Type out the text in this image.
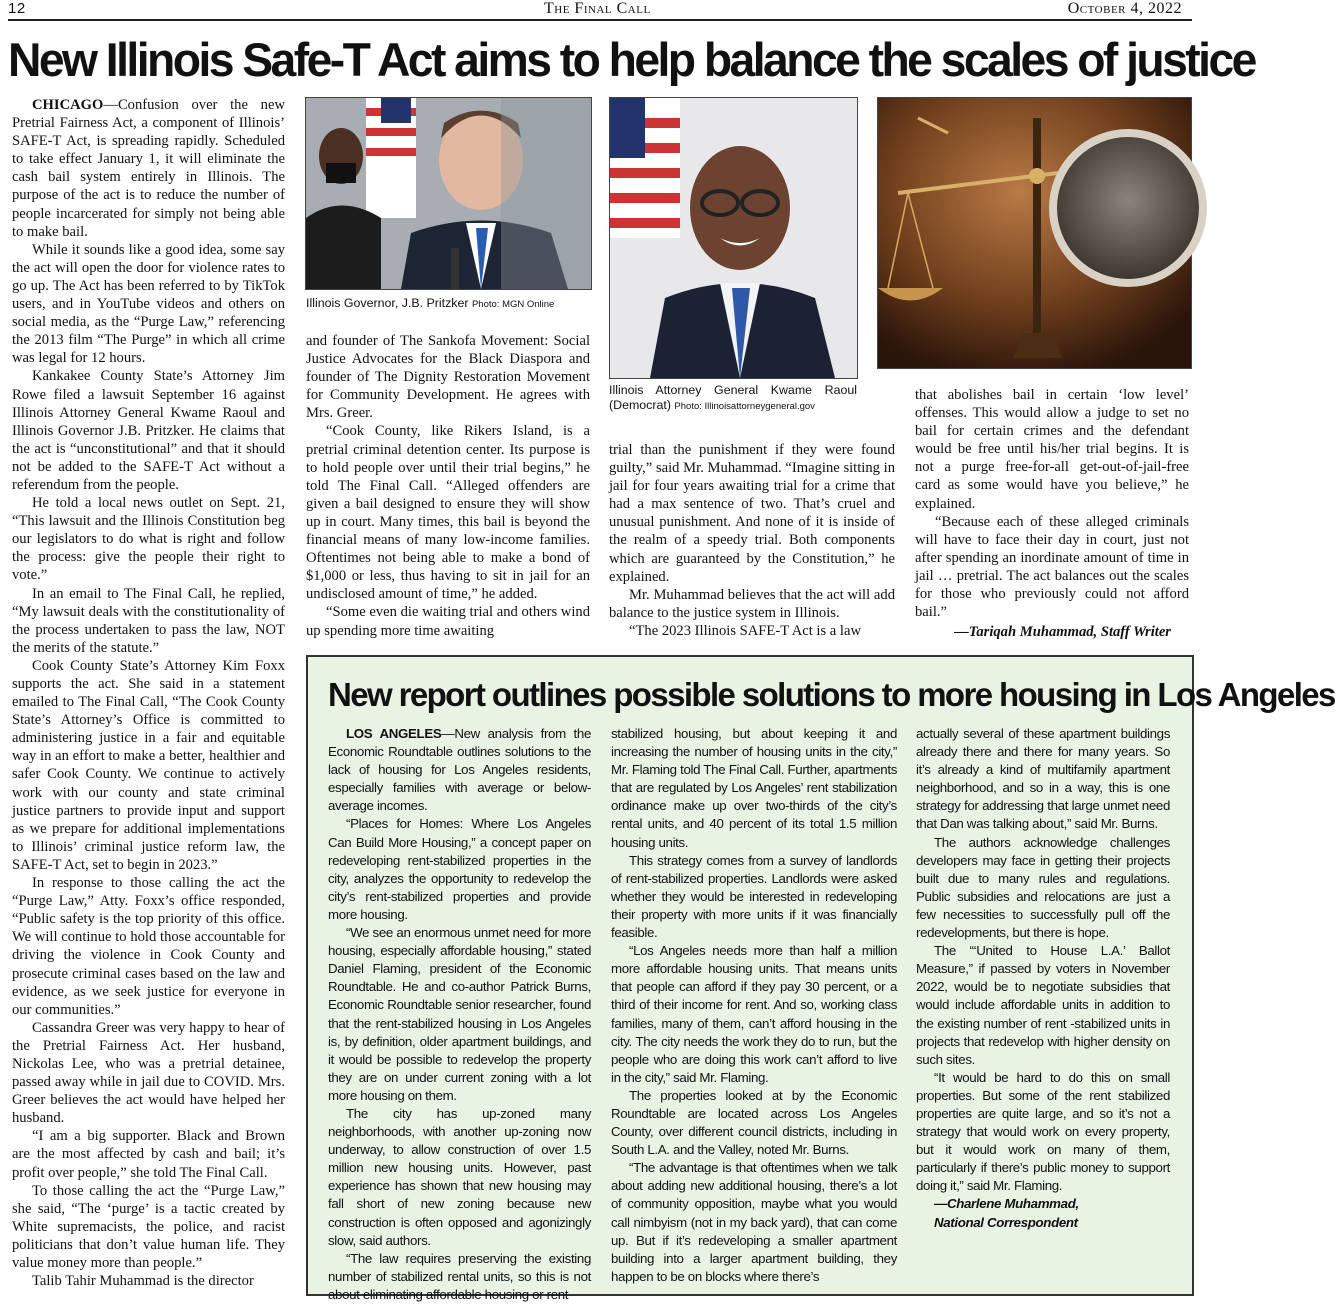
12	The Final Call	October 4, 2022
New Illinois Safe-T Act aims to help balance the scales of justice

CHICAGO—Confusion over the new Pretrial Fairness Act, a component of Illinois’ SAFE-T Act, is spreading rapidly. Scheduled to take effect January 1, it will eliminate the cash bail system entirely in Illinois. The purpose of the act is to reduce the number of people incarcerated for simply not being able to make bail.

While it sounds like a good idea, some say the act will open the door for violence rates to go up. The Act has been referred to by TikTok users, and in YouTube videos and others on social media, as the “Purge Law,” referencing the 2013 film “The Purge” in which all crime was legal for 12 hours.

Kankakee County State’s Attorney Jim Rowe filed a lawsuit September 16 against Illinois Attorney General Kwame Raoul and Illinois Governor J.B. Pritzker. He claims that the act is “unconstitutional” and that it should not be added to the SAFE-T Act without a referendum from the people.

He told a local news outlet on Sept. 21, “This lawsuit and the Illinois Constitution beg our legislators to do what is right and follow the process: give the people their right to vote.”

In an email to The Final Call, he replied, “My lawsuit deals with the constitutionality of the process undertaken to pass the law, NOT the merits of the statute.”

Cook County State’s Attorney Kim Foxx supports the act. She said in a statement emailed to The Final Call, “The Cook County State’s Attorney’s Office is committed to administering justice in a fair and equitable way in an effort to make a better, healthier and safer Cook County. We continue to actively work with our county and state criminal justice partners to provide input and support as we prepare for additional implementations to Illinois’ criminal justice reform law, the SAFE-T Act, set to begin in 2023.”

In response to those calling the act the “Purge Law,” Atty. Foxx’s office responded, “Public safety is the top priority of this office. We will continue to hold those accountable for driving the violence in Cook County and prosecute criminal cases based on the law and evidence, as we seek justice for everyone in our communities.”

Cassandra Greer was very happy to hear of the Pretrial Fairness Act. Her husband, Nickolas Lee, who was a pretrial detainee, passed away while in jail due to COVID. Mrs. Greer believes the act would have helped her husband.

“I am a big supporter. Black and Brown are the most affected by cash and bail; it’s profit over people,” she told The Final Call.

To those calling the act the “Purge Law,” she said, “The ‘purge’ is a tactic created by White supremacists, the police, and racist politicians that don’t value human life. They value money more than people.”

Talib Tahir Muhammad is the director

Illinois Governor, J.B. Pritzker Photo: MGN Online

and founder of The Sankofa Movement: Social Justice Advocates for the Black Diaspora and founder of The Dignity Restoration Movement for Community Development. He agrees with Mrs. Greer.

“Cook County, like Rikers Island, is a pretrial criminal detention center. Its purpose is to hold people over until their trial begins,” he told The Final Call. “Alleged offenders are given a bail designed to ensure they will show up in court. Many times, this bail is beyond the financial means of many low-income families. Oftentimes not being able to make a bond of $1,000 or less, thus having to sit in jail for an undisclosed amount of time,” he added.

“Some even die waiting trial and others wind up spending more time awaiting

Illinois Attorney General Kwame Raoul (Democrat) Photo: Illinoisattorneygeneral.gov

trial than the punishment if they were found guilty,” said Mr. Muhammad. “Imagine sitting in jail for four years awaiting trial for a crime that had a max sentence of two. That’s cruel and unusual punishment. And none of it is inside of the realm of a speedy trial. Both components which are guaranteed by the Constitution,” he explained.

Mr. Muhammad believes that the act will add balance to the justice system in Illinois.

“The 2023 Illinois SAFE-T Act is a law

that abolishes bail in certain ‘low level’ offenses. This would allow a judge to set no bail for certain crimes and the defendant would be free until his/her trial begins. It is not a purge free-for-all get-out-of-jail-free card as some would have you believe,” he explained.

“Because each of these alleged criminals will have to face their day in court, just not after spending an inordinate amount of time in jail … pretrial. The act balances out the scales for those who previously could not afford bail.”

—Tariqah Muhammad, Staff Writer
New report outlines possible solutions to more housing in Los Angeles

LOS ANGELES—New analysis from the Economic Roundtable outlines solutions to the lack of housing for Los Angeles residents, especially families with average or below-average incomes.

“Places for Homes: Where Los Angeles Can Build More Housing,” a concept paper on redeveloping rent-stabilized properties in the city, analyzes the opportunity to redevelop the city’s rent-stabilized properties and provide more housing.

“We see an enormous unmet need for more housing, especially affordable housing,” stated Daniel Flaming, president of the Economic Roundtable. He and co-author Patrick Burns, Economic Roundtable senior researcher, found that the rent-stabilized housing in Los Angeles is, by definition, older apartment buildings, and it would be possible to redevelop the property they are on under current zoning with a lot more housing on them.

The city has up-zoned many neighborhoods, with another up-zoning now underway, to allow construction of over 1.5 million new housing units. However, past experience has shown that new housing may fall short of new zoning because new construction is often opposed and agonizingly slow, said authors.

“The law requires preserving the existing number of stabilized rental units, so this is not about eliminating affordable housing or rent

stabilized housing, but about keeping it and increasing the number of housing units in the city,” Mr. Flaming told The Final Call. Further, apartments that are regulated by Los Angeles’ rent stabilization ordinance make up over two-thirds of the city’s rental units, and 40 percent of its total 1.5 million housing units.

This strategy comes from a survey of landlords of rent-stabilized properties. Landlords were asked whether they would be interested in redeveloping their property with more units if it was financially feasible.

“Los Angeles needs more than half a million more affordable housing units. That means units that people can afford if they pay 30 percent, or a third of their income for rent. And so, working class families, many of them, can’t afford housing in the city. The city needs the work they do to run, but the people who are doing this work can’t afford to live in the city,” said Mr. Flaming.

The properties looked at by the Economic Roundtable are located across Los Angeles County, over different council districts, including in South L.A. and the Valley, noted Mr. Burns.

“The advantage is that oftentimes when we talk about adding new additional housing, there’s a lot of community opposition, maybe what you would call nimbyism (not in my back yard), that can come up. But if it’s redeveloping a smaller apartment building into a larger apartment building, they happen to be on blocks where there’s

actually several of these apartment buildings already there and there for many years. So it’s already a kind of multifamily apartment neighborhood, and so in a way, this is one strategy for addressing that large unmet need that Dan was talking about,” said Mr. Burns.

The authors acknowledge challenges developers may face in getting their projects built due to many rules and regulations. Public subsidies and relocations are just a few necessities to successfully pull off the redevelopments, but there is hope.

The “‘United to House L.A.’ Ballot Measure,” if passed by voters in November 2022, would be to negotiate subsidies that would include affordable units in addition to the existing number of rent -stabilized units in projects that redevelop with higher density on such sites.

“It would be hard to do this on small properties. But some of the rent stabilized properties are quite large, and so it’s not a strategy that would work on every property, but it would work on many of them, particularly if there’s public money to support doing it,” said Mr. Flaming.

—Charlene Muhammad,

National Correspondent
